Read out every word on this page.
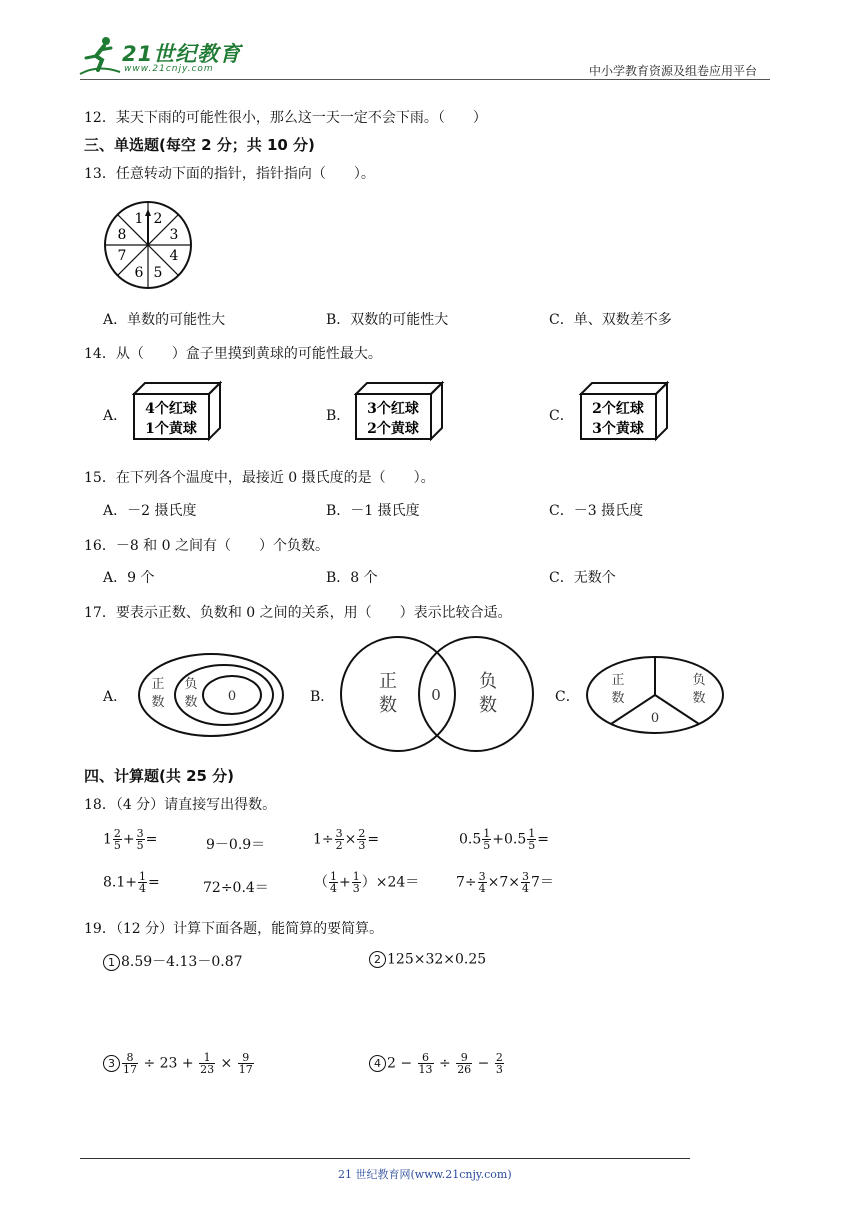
21世纪教育
www.21cnjy.com	中小学教育资源及组卷应用平台
12．某天下雨的可能性很小，那么这一天一定不会下雨。（　　）
三、单选题(每空 2 分；共 10 分)
13．任意转动下面的指针，指针指向（　　）。
1 2
3
4
5
6
7
8
A．单数的可能性大	B．双数的可能性大	C．单、双数差不多
14．从（　　）盒子里摸到黄球的可能性最大。
A． 4个红球
1个黄球
B． 3个红球
2个黄球
C． 2个红球
3个黄球
15．在下列各个温度中，最接近 0 摄氏度的是（　　）。
A．－2 摄氏度	B．－1 摄氏度	C．－3 摄氏度
16．－8 和 0 之间有（　　）个负数。
A．9 个	B．8 个	C．无数个
17．要表示正数、负数和 0 之间的关系，用（　　）表示比较合适。
A．
正
数
负
数 0	B．
正
数 0
负
数	C．
正
数
负
数
0
四、计算题(共 25 分)
18．（4 分）请直接写出得数。
$1 \frac{2}{5} + \frac{3}{5}$ =	9－0.9＝	$1\div \frac{3}{2} \times \frac{2}{3}$ =	$0.5 \frac{1}{5} +0.5 \frac{1}{5}$ =
$8.1+ \frac{1}{4}$ =	72÷0.4＝	（ $\frac{1}{4} + \frac{1}{3} )\times 24=$	$7\div \frac{3}{4} \times 7\times \frac{3}{4} 7=$
19．（12 分）计算下面各题，能简算的要简算。
1 8.59－4.13－0.87	2 125×32×0.25
$3 \frac{8}{17} \div 23 + \frac{1}{23} \times \frac{9}{17}$	4 $2 - \frac{6}{13} \div \frac{9}{26} - \frac{2}{3}$
21 世纪教育网(www.21cnjy.com)
